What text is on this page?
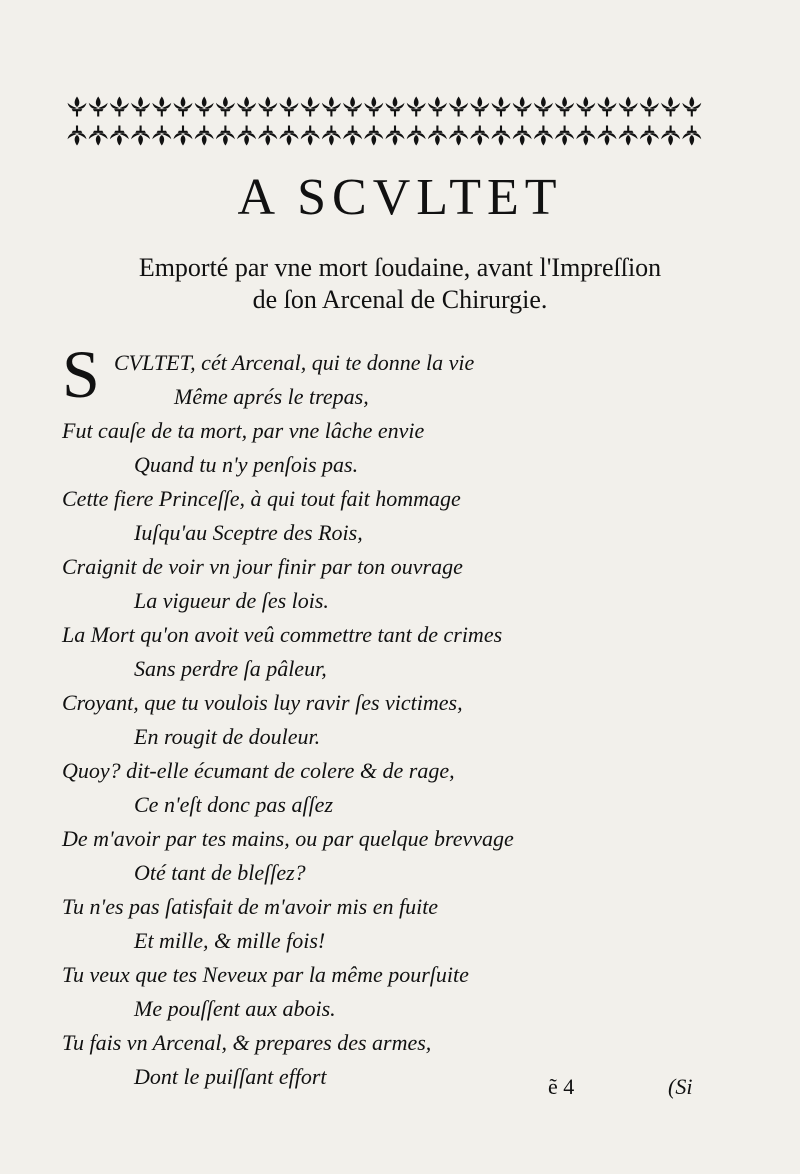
A SCVLTET
Emporté par vne mort ſoudaine, avant l'Impreſſion
de ſon Arcenal de Chirurgie.
S CVLTET, cét Arcenal, qui te donne la vie
Même aprés le trepas,
Fut cauſe de ta mort, par vne lâche envie
Quand tu n'y penſois pas.
Cette fiere Princeſſe, à qui tout fait hommage
Iuſqu'au Sceptre des Rois,
Craignit de voir vn jour finir par ton ouvrage
La vigueur de ſes lois.
La Mort qu'on avoit veû commettre tant de crimes
Sans perdre ſa pâleur,
Croyant, que tu voulois luy ravir ſes victimes,
En rougit de douleur.
Quoy? dit-elle écumant de colere & de rage,
Ce n'eſt donc pas aſſez
De m'avoir par tes mains, ou par quelque brevvage
Oté tant de bleſſez?
Tu n'es pas ſatisfait de m'avoir mis en fuite
Et mille, & mille fois!
Tu veux que tes Neveux par la même pourſuite
Me pouſſent aux abois.
Tu fais vn Arcenal, & prepares des armes,
Dont le puiſſant effort	ẽ 4	(Si
